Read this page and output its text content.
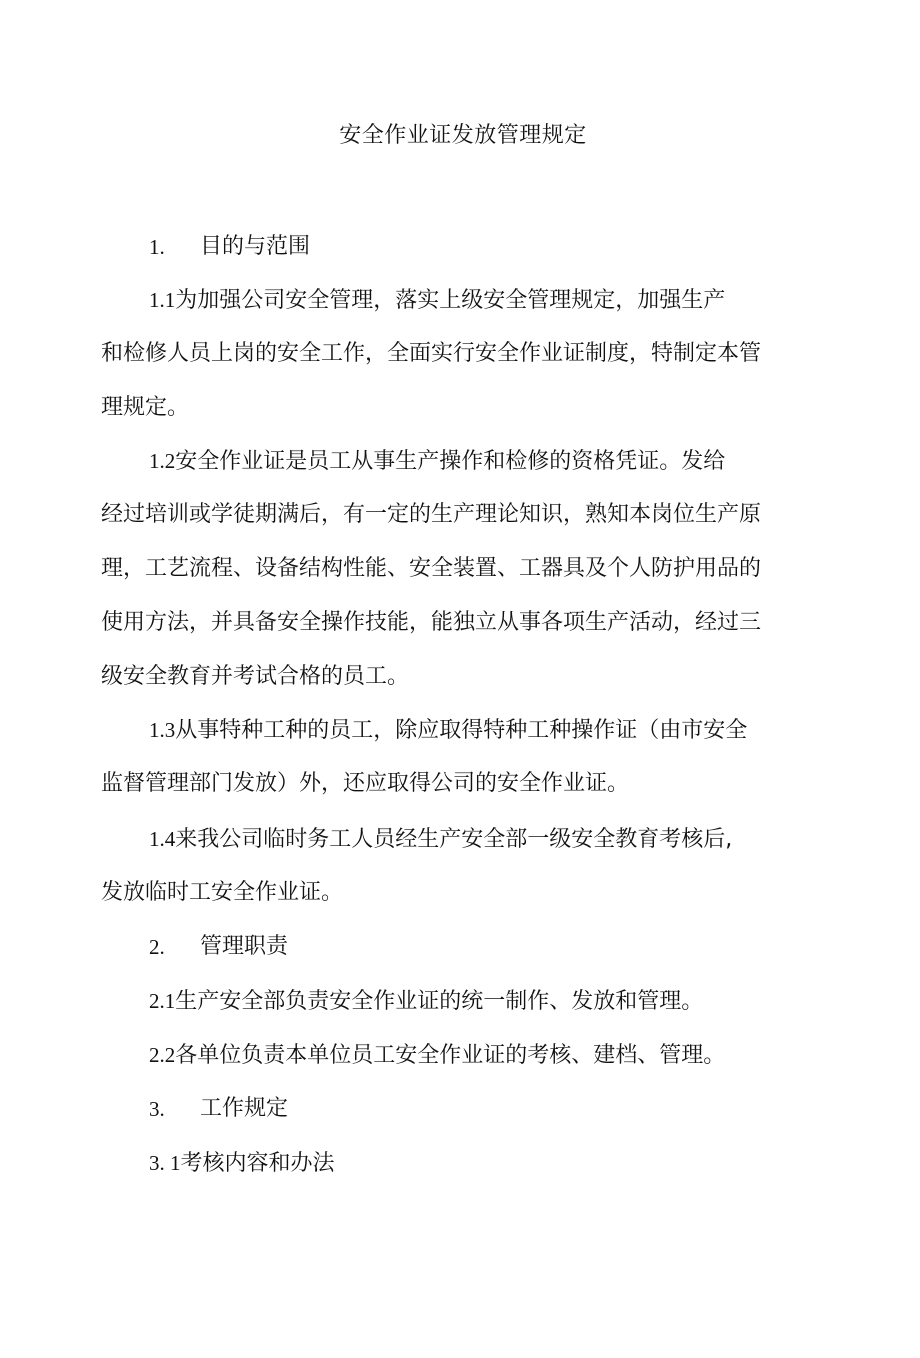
安全作业证发放管理规定
1. 目的与范围
1.1为加强公司安全管理，落实上级安全管理规定，加强生产
和检修人员上岗的安全工作，全面实行安全作业证制度，特制定本管
理规定。
1.2安全作业证是员工从事生产操作和检修的资格凭证。发给
经过培训或学徒期满后，有一定的生产理论知识，熟知本岗位生产原
理，工艺流程、设备结构性能、安全装置、工器具及个人防护用品的
使用方法，并具备安全操作技能，能独立从事各项生产活动，经过三
级安全教育并考试合格的员工。
1.3从事特种工种的员工，除应取得特种工种操作证（由市安全
监督管理部门发放）外，还应取得公司的安全作业证。
1.4来我公司临时务工人员经生产安全部一级安全教育考核后,
发放临时工安全作业证。
2. 管理职责
2.1生产安全部负责安全作业证的统一制作、发放和管理。
2.2各单位负责本单位员工安全作业证的考核、建档、管理。
3. 工作规定
3. 1考核内容和办法
